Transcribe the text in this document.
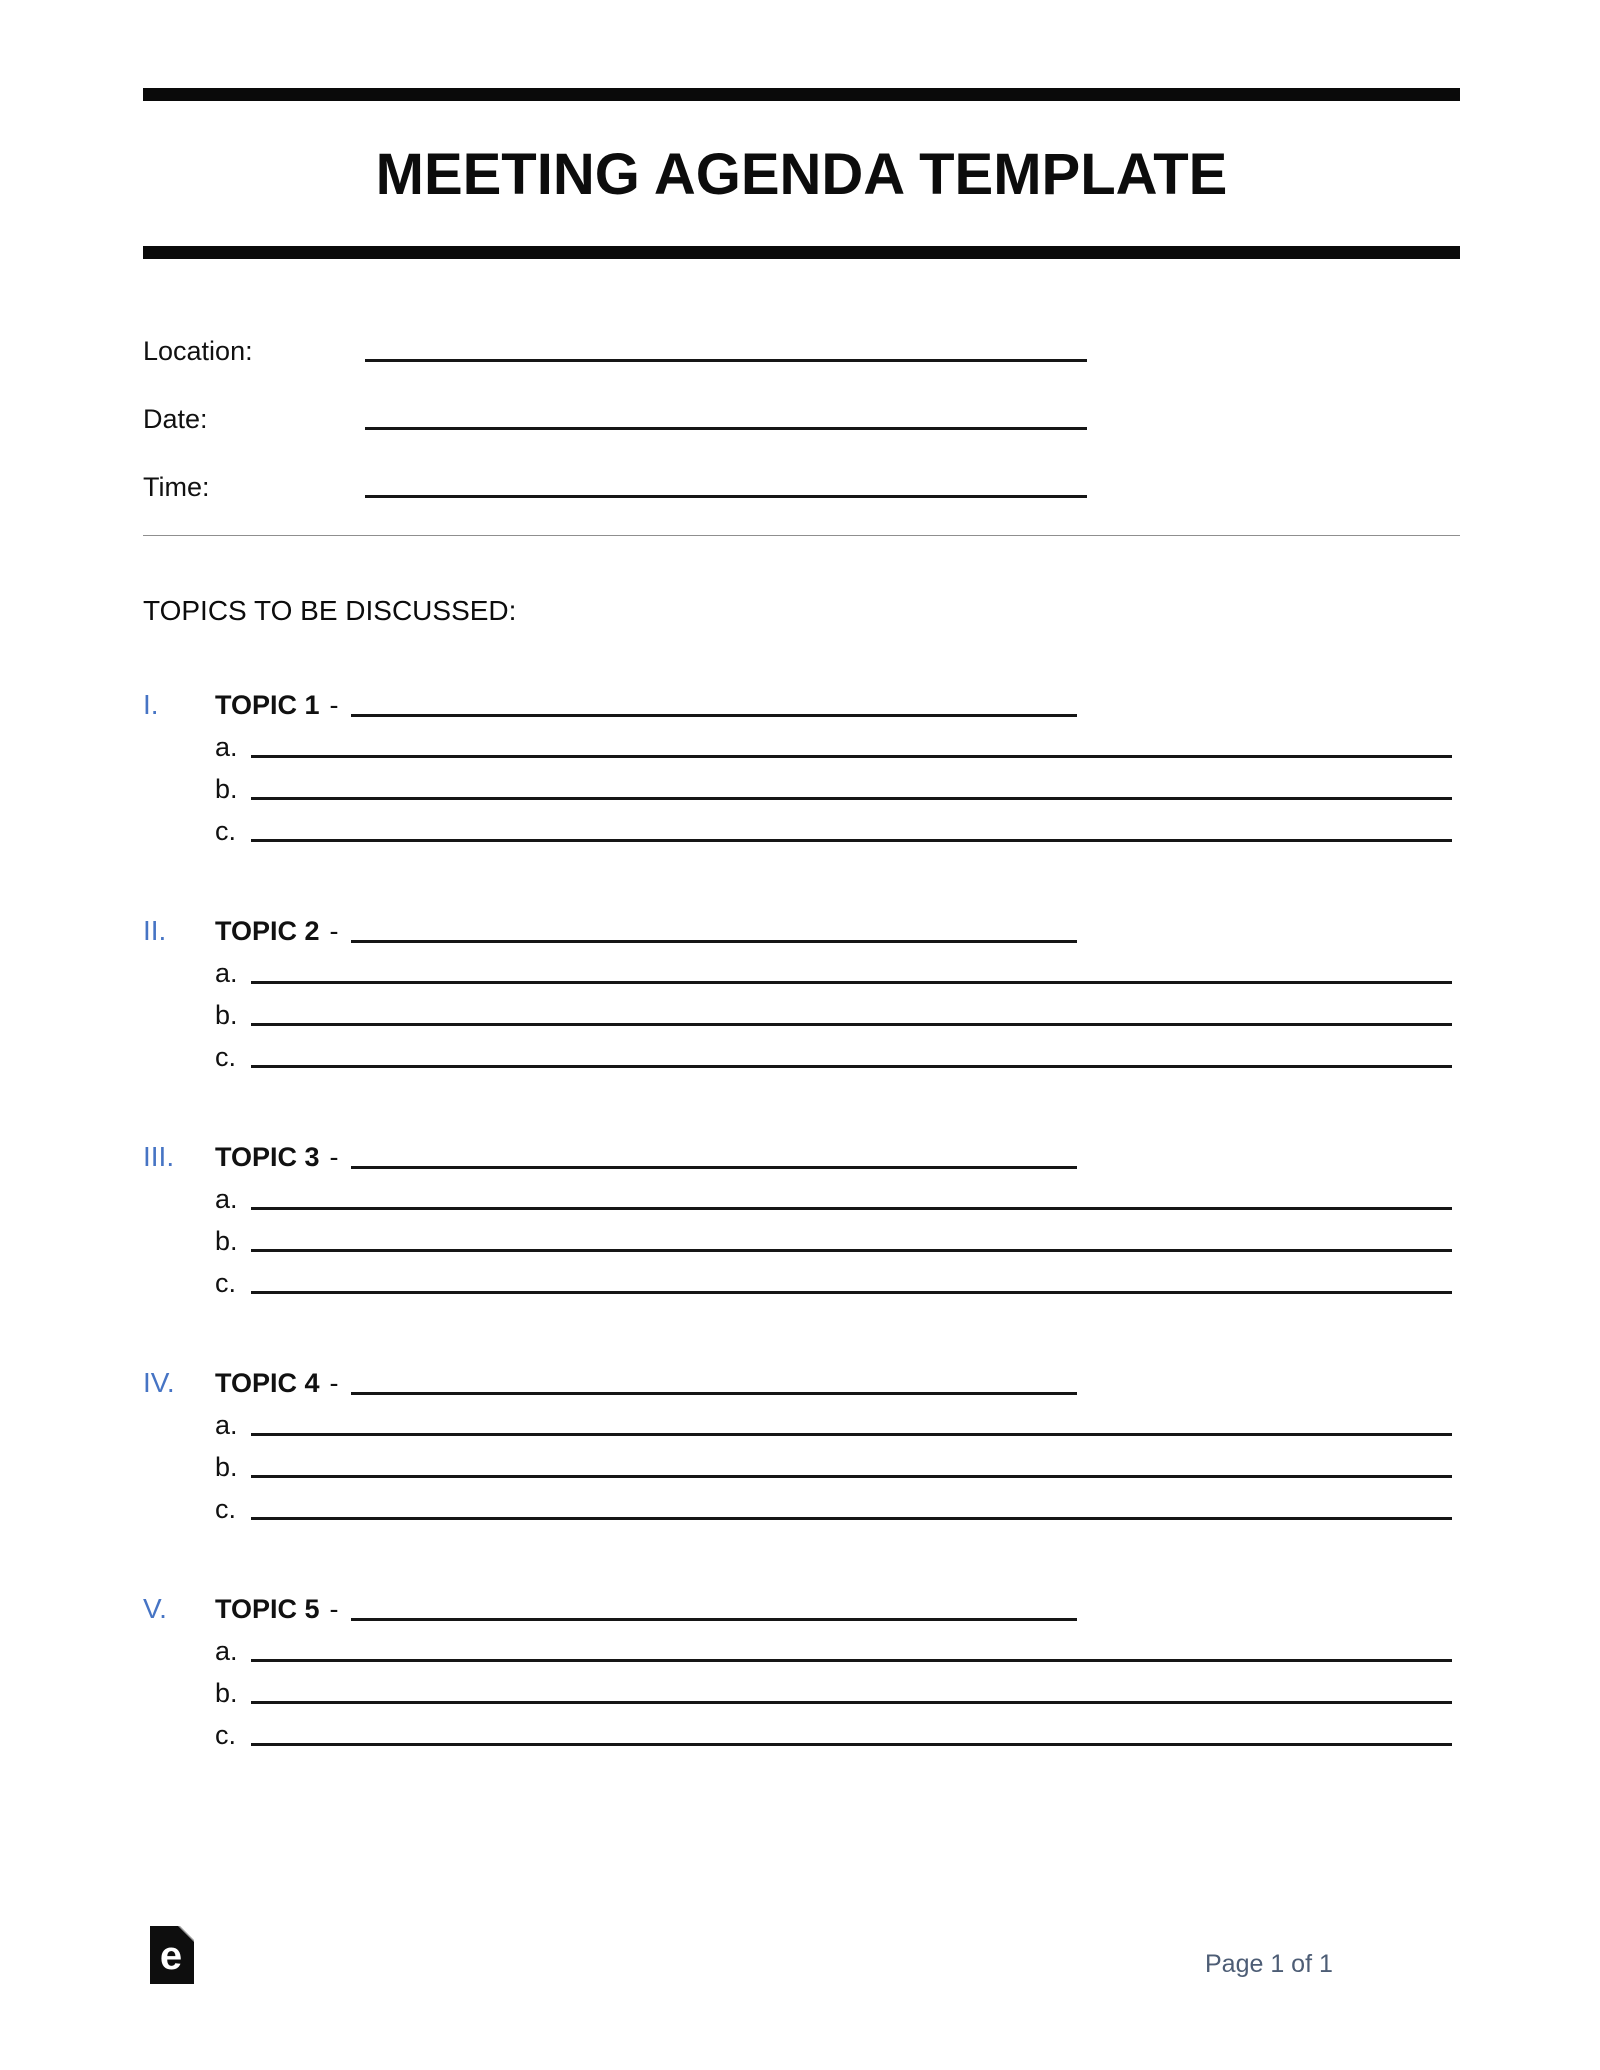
MEETING AGENDA TEMPLATE
Location:
Date:
Time:
TOPICS TO BE DISCUSSED:
I.	TOPIC 1 -
a.
b.
c.
II.	TOPIC 2 -
a.
b.
c.
III.	TOPIC 3 -
a.
b.
c.
IV.	TOPIC 4 -
a.
b.
c.
V.	TOPIC 5 -
a.
b.
c.
e	Page 1 of 1
